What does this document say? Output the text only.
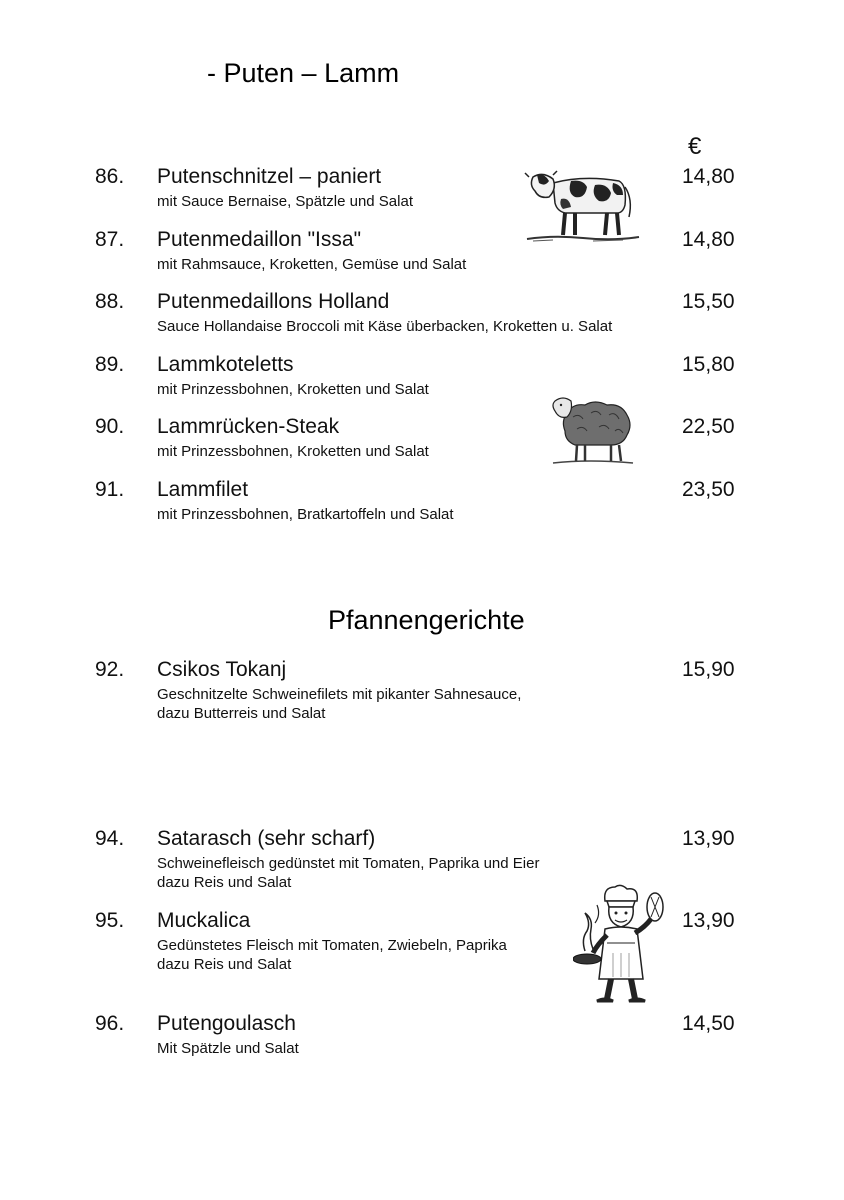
- Puten – Lamm
€
86. Putenschnitzel – paniert	14,80
mit Sauce Bernaise, Spätzle und Salat
87. Putenmedaillon "Issa"	14,80
mit Rahmsauce, Kroketten, Gemüse und Salat
88. Putenmedaillons Holland	15,50
Sauce Hollandaise Broccoli mit Käse überbacken, Kroketten u. Salat
89. Lammkoteletts	15,80
mit Prinzessbohnen, Kroketten und Salat
90. Lammrücken-Steak	22,50
mit Prinzessbohnen, Kroketten und Salat
91. Lammfilet	23,50
mit Prinzessbohnen, Bratkartoffeln und Salat
Pfannengerichte
92. Csikos Tokanj	15,90
Geschnitzelte Schweinefilets mit pikanter Sahnesauce,
dazu Butterreis und Salat
94. Satarasch (sehr scharf)	13,90
Schweinefleisch gedünstet mit Tomaten, Paprika und Eier
dazu Reis und Salat
95. Muckalica	13,90
Gedünstetes Fleisch mit Tomaten, Zwiebeln, Paprika
dazu Reis und Salat
96. Putengoulasch	14,50
Mit Spätzle und Salat
